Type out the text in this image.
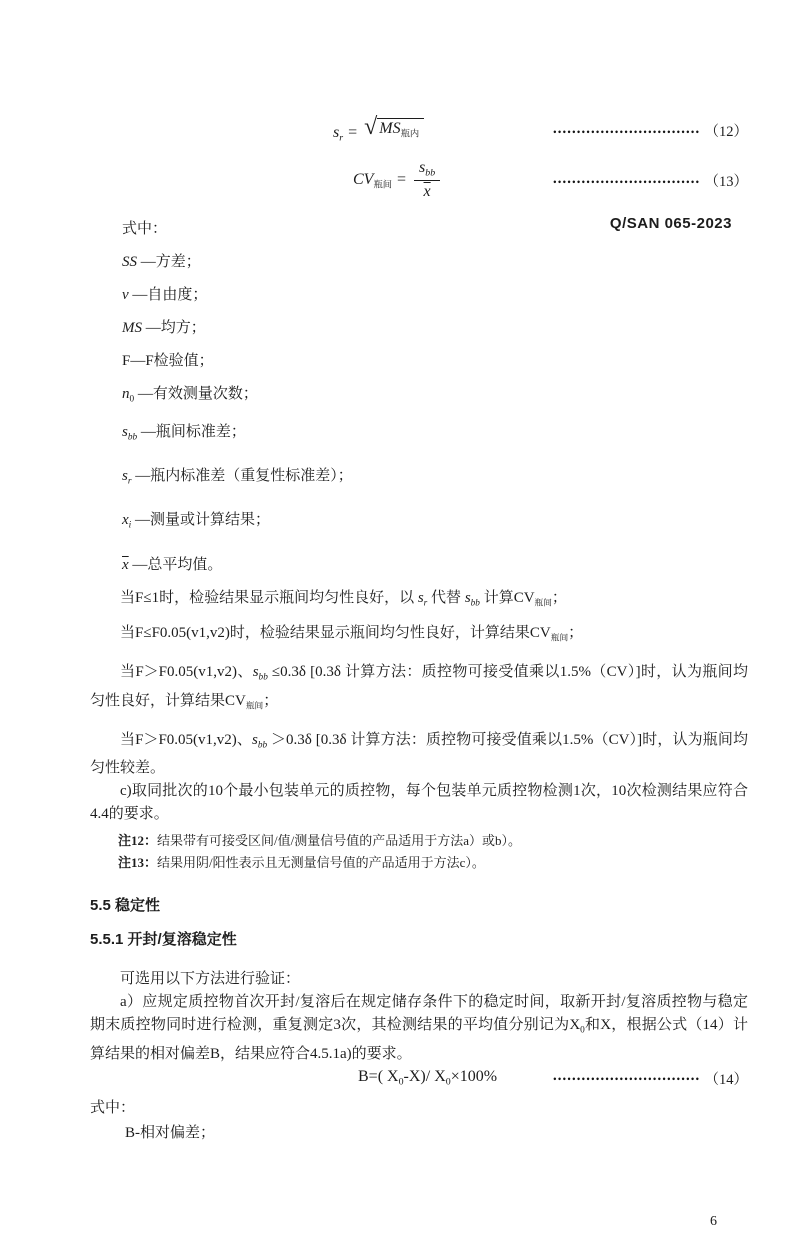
Q/SAN 065-2023
$s_r$ = √ $MS_{瓶内}$	••••••••••••••••••••••••••••••• （12）
$CV_{瓶间} = \frac{s_{bb}}{x}$	••••••••••••••••••••••••••••••• （13）
式中：
SS —方差；
v —自由度；
MS —均方；
F—F检验值；
$n_0$ —有效测量次数；
$s_{bb}$ —瓶间标准差；
$s_r$ —瓶内标准差（重复性标准差）；
$x_i$ —测量或计算结果；
$\overline{x}$ —总平均值。

当F≤1时，检验结果显示瓶间均匀性良好，以 $s_r$ 代替 $s_{bb}$ 计算$CV_{瓶间}$；

当F≤F0.05(v1,v2)时，检验结果显示瓶间均匀性良好，计算结果$CV_{瓶间}$；

当F＞F0.05(v1,v2)、$s_{bb} \le 0.3\delta$ [0.3δ 计算方法：质控物可接受值乘以1.5%（CV）]时，认为瓶间均匀性良好，计算结果$CV_{瓶间}$；

当F＞F0.05(v1,v2)、$s_{bb} >0.3\delta$ [0.3δ 计算方法：质控物可接受值乘以1.5%（CV）]时，认为瓶间均匀性较差。

c)取同批次的10个最小包装单元的质控物，每个包装单元质控物检测1次，10次检测结果应符合4.4的要求。

注12：结果带有可接受区间/值/测量信号值的产品适用于方法a）或b）。
注13：结果用阴/阳性表示且无测量信号值的产品适用于方法c）。
5.5 稳定性
5.5.1 开封/复溶稳定性

可选用以下方法进行验证：

a）应规定质控物首次开封/复溶后在规定储存条件下的稳定时间，取新开封/复溶质控物与稳定期末质控物同时进行检测，重复测定3次，其检测结果的平均值分别记为$X_0$和X，根据公式（14）计算结果的相对偏差B，结果应符合4.5.1a)的要求。

B=( $X_0-X)/$ $X_0\times 100\%$	••••••••••••••••••••••••••••••• （14）
式中：
B-相对偏差；
6
